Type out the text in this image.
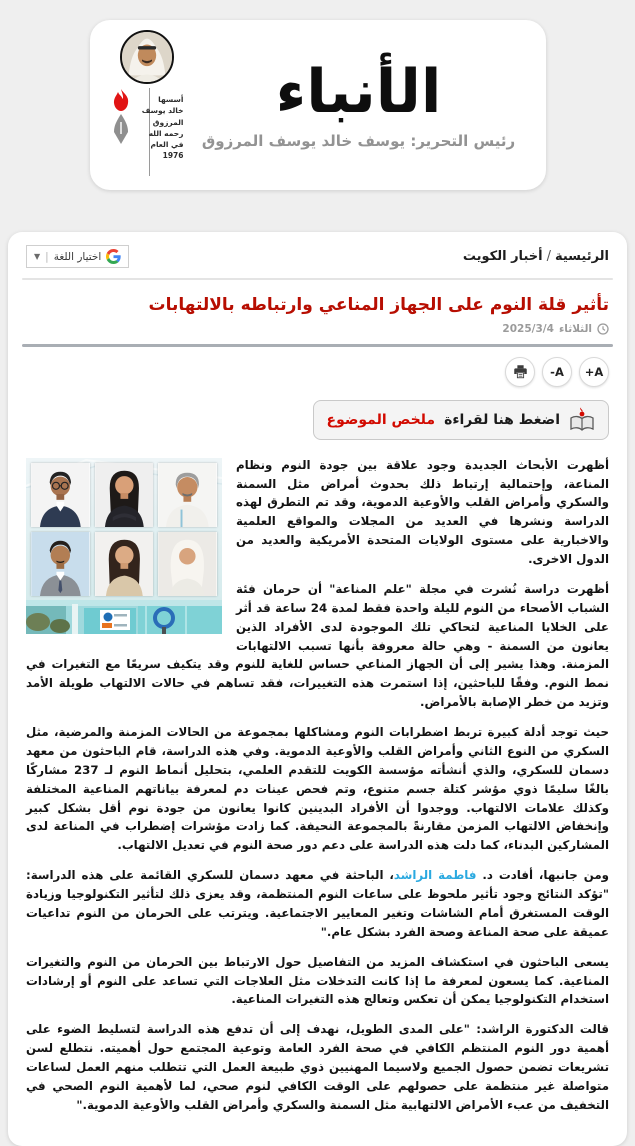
أسسها
خالد يوسف
المرزوق
رحمه الله
في العام
1976
الأنباء
رئيس التحرير: يوسف خالد يوسف المرزوق
الرئيسية/أخبار الكويت
اختيار اللغة
|
▼
تأثير قلة النوم على الجهاز المناعي وارتباطه بالالتهابات
الثلاثاء
2025/3/4
A+
A-
اضغط هنا لقراءة
ملخص الموضوع

أظهرت الأبحاث الجديدة وجود علاقة بين جودة النوم ونظام المناعة، وإحتمالية إرتباط ذلك بحدوث أمراض مثل السمنة والسكري وأمراض القلب والأوعية الدموية، وقد تم التطرق لهذه الدراسة ونشرها في العديد من المجلات والمواقع العلمية والاخبارية على مستوى الولايات المتحدة الأمريكية والعديد من الدول الاخرى.

أظهرت دراسة نُشرت في مجلة "علم المناعة" أن حرمان فئة الشباب الأصحاء من النوم لليلة واحدة فقط لمدة 24 ساعة قد أثر على الخلايا المناعية لتحاكي تلك الموجودة لدى الأفراد الذين يعانون من السمنة - وهي حالة معروفة بأنها تسبب الالتهابات المزمنة. وهذا يشير إلى أن الجهاز المناعي حساس للغاية للنوم وقد يتكيف سريعًا مع التغيرات في نمط النوم. وفقًا للباحثين، إذا استمرت هذه التغييرات، فقد تساهم في حالات الالتهاب طويلة الأمد وتزيد من خطر الإصابة بالأمراض.

حيث توجد أدلة كبيرة تربط اضطرابات النوم ومشاكلها بمجموعة من الحالات المزمنة والمرضية، مثل السكري من النوع الثاني وأمراض القلب والأوعية الدموية. وفي هذه الدراسة، قام الباحثون من معهد دسمان للسكري، والذي أنشأته مؤسسة الكويت للتقدم العلمي، بتحليل أنماط النوم لـ 237 مشاركًا بالغًا سليمًا ذوي مؤشر كتلة جسم متنوع، وتم فحص عينات دم لمعرفة بياناتهم المناعية المختلفة وكذلك علامات الالتهاب. ووجدوا أن الأفراد البدينين كانوا يعانون من جودة نوم أقل بشكل كبير وإنخفاض الالتهاب المزمن مقارنةً بالمجموعة النحيفة. كما زادت مؤشرات إضطراب في المناعة لدى المشاركين البدناء، كما دلت هذه الدراسة على دعم دور صحة النوم في تعديل الالتهاب.

ومن جانبها، أفادت د. فاطمة الراشد، الباحثة في معهد دسمان للسكري القائمة على هذه الدراسة: "تؤكد النتائج وجود تأثير ملحوظ على ساعات النوم المنتظمة، وقد يعزى ذلك لتأثير التكنولوجيا وزيادة الوقت المستغرق أمام الشاشات وتغير المعايير الاجتماعية. ويترتب على الحرمان من النوم تداعيات عميقة على صحة المناعة وصحة الفرد بشكل عام."

يسعى الباحثون في استكشاف المزيد من التفاصيل حول الارتباط بين الحرمان من النوم والتغيرات المناعية. كما يسعون لمعرفة ما إذا كانت التدخلات مثل العلاجات التي تساعد على النوم أو إرشادات استخدام التكنولوجيا يمكن أن تعكس وتعالج هذه التغيرات المناعية.

قالت الدكتورة الراشد: "على المدى الطويل، نهدف إلى أن تدفع هذه الدراسة لتسليط الضوء على أهمية دور النوم المنتظم الكافي في صحة الفرد العامة وتوعية المجتمع حول أهميته. نتطلع لسن تشريعات تضمن حصول الجميع ولاسيما المهنيين ذوي طبيعة العمل التي تتطلب منهم العمل لساعات متواصلة غير منتظمة على حصولهم على الوقت الكافي لنوم صحي، لما لأهمية النوم الصحي في التخفيف من عبء الأمراض الالتهابية مثل السمنة والسكري وأمراض القلب والأوعية الدموية."
